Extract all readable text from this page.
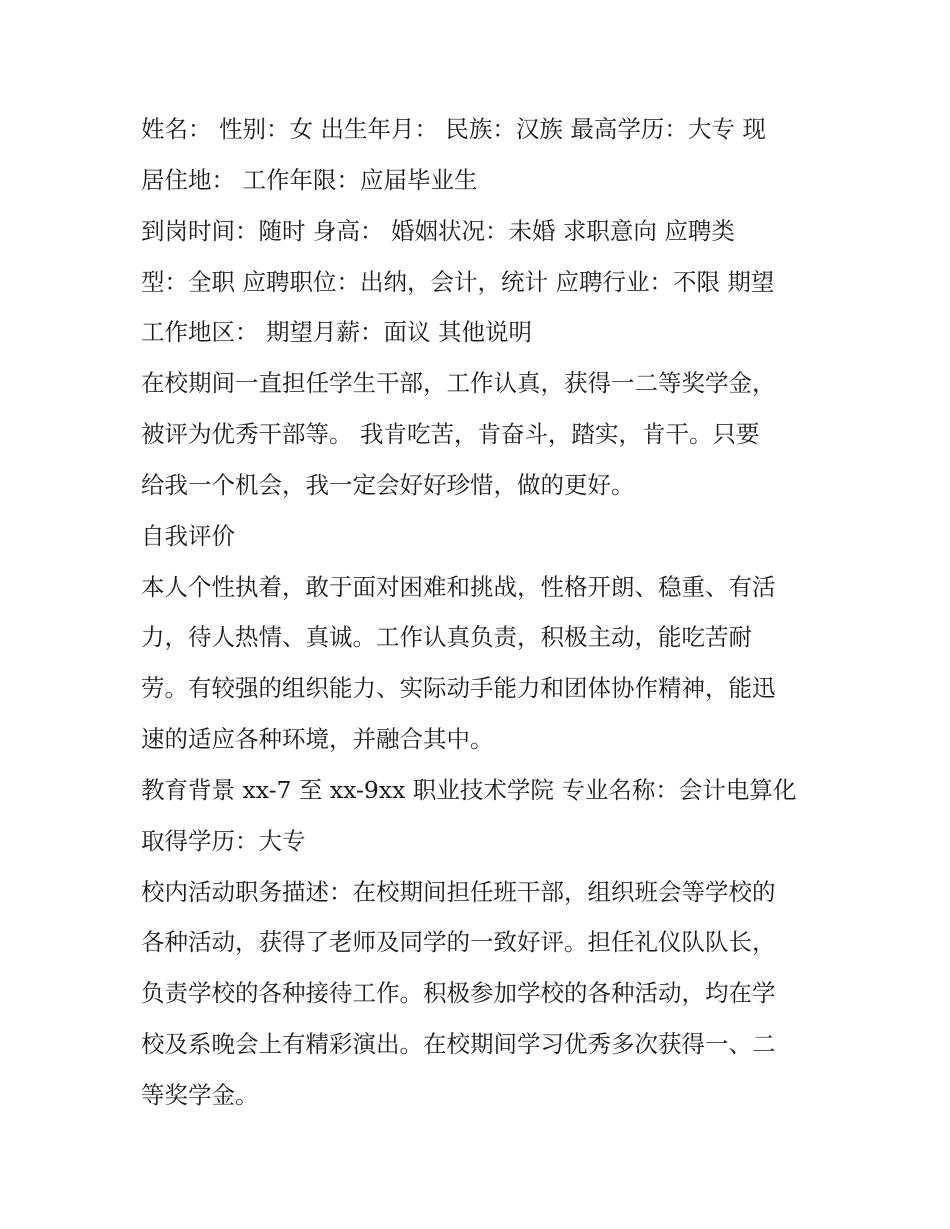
姓名： 性别：女 出生年月： 民族：汉族 最高学历：大专 现
居住地： 工作年限：应届毕业生
到岗时间：随时 身高： 婚姻状况：未婚 求职意向 应聘类
型：全职 应聘职位：出纳，会计，统计 应聘行业：不限 期望
工作地区： 期望月薪：面议 其他说明
在校期间一直担任学生干部，工作认真，获得一二等奖学金，
被评为优秀干部等。 我肯吃苦，肯奋斗，踏实，肯干。只要
给我一个机会，我一定会好好珍惜，做的更好。
自我评价
本人个性执着，敢于面对困难和挑战，性格开朗、稳重、有活
力，待人热情、真诚。工作认真负责，积极主动，能吃苦耐
劳。有较强的组织能力、实际动手能力和团体协作精神，能迅
速的适应各种环境，并融合其中。
教育背景 xx-7 至 xx-9xx 职业技术学院 专业名称：会计电算化
取得学历：大专
校内活动职务描述：在校期间担任班干部，组织班会等学校的
各种活动，获得了老师及同学的一致好评。担任礼仪队队长，
负责学校的各种接待工作。积极参加学校的各种活动，均在学
校及系晚会上有精彩演出。在校期间学习优秀多次获得一、二
等奖学金。
